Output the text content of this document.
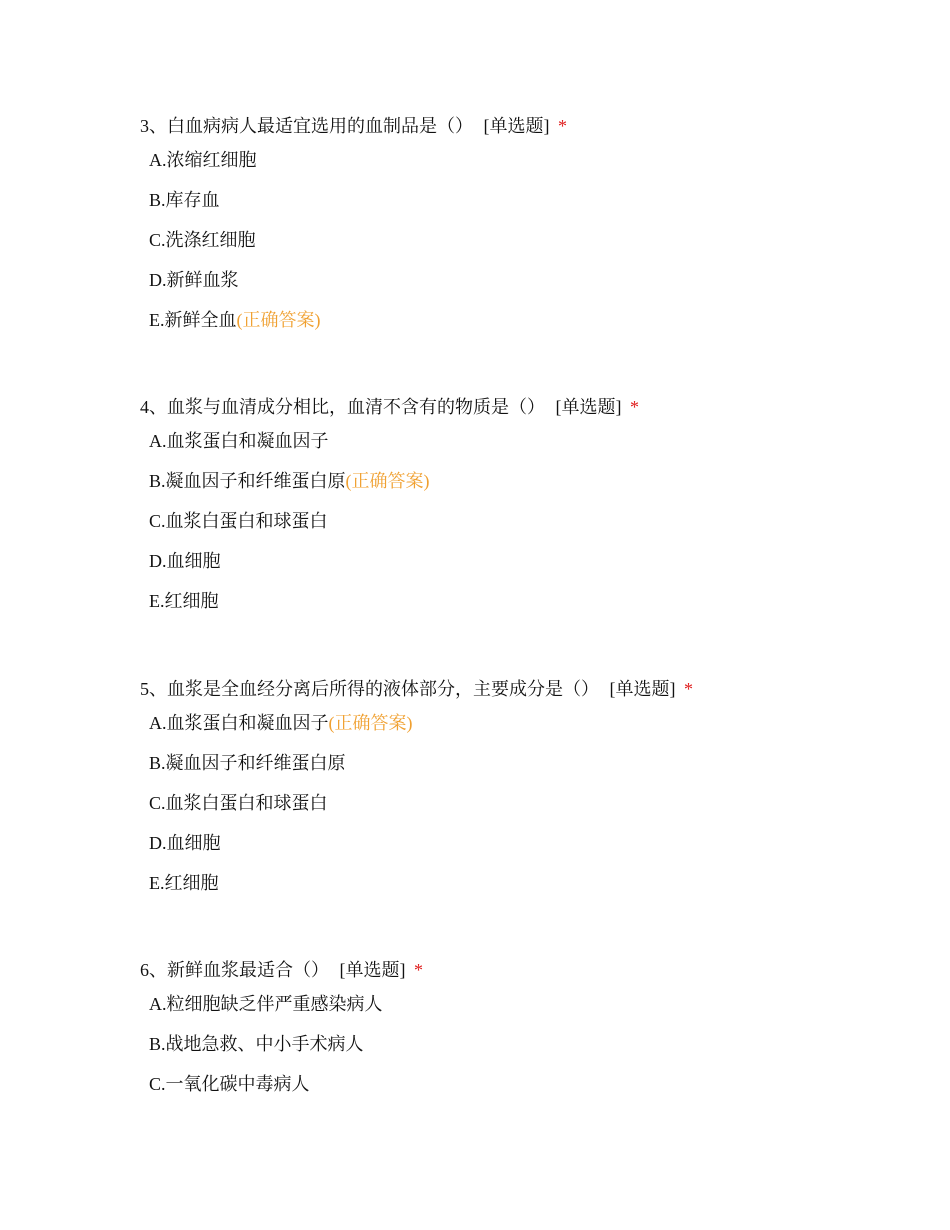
3、白血病病人最适宜选用的血制品是（） [单选题] *
A.浓缩红细胞
B.库存血
C.洗涤红细胞
D.新鲜血浆
E.新鲜全血(正确答案)
4、血浆与血清成分相比，血清不含有的物质是（） [单选题] *
A.血浆蛋白和凝血因子
B.凝血因子和纤维蛋白原(正确答案)
C.血浆白蛋白和球蛋白
D.血细胞
E.红细胞
5、血浆是全血经分离后所得的液体部分，主要成分是（） [单选题] *
A.血浆蛋白和凝血因子(正确答案)
B.凝血因子和纤维蛋白原
C.血浆白蛋白和球蛋白
D.血细胞
E.红细胞
6、新鲜血浆最适合（） [单选题] *
A.粒细胞缺乏伴严重感染病人
B.战地急救、中小手术病人
C.一氧化碳中毒病人
